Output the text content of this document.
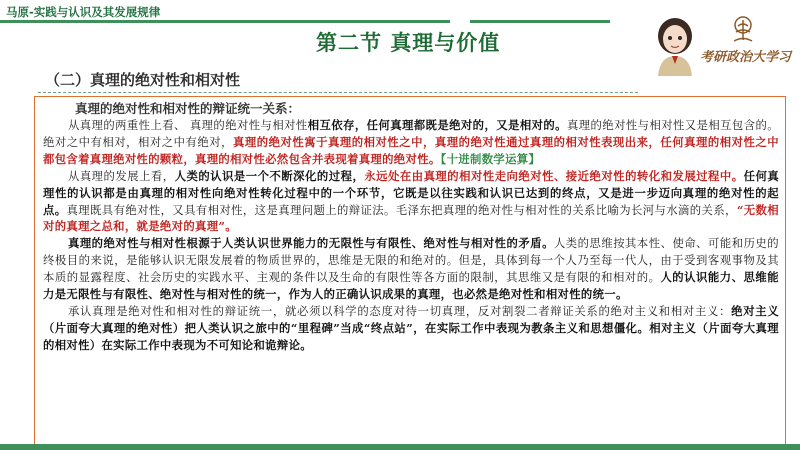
马原-实践与认识及其发展规律
第二节 真理与价值
考研政治大学习
（二）真理的绝对性和相对性
真理的绝对性和相对性的辩证统一关系：

从真理的两重性上看、 真理的绝对性与相对性相互依存，任何真理都既是绝对的，又是相对的。真理的绝对性与相对性又是相互包含的。绝对之中有相对，相对之中有绝对，真理的绝对性寓于真理的相对性之中，真理的绝对性通过真理的相对性表现出来，任何真理的相对性之中都包含着真理绝对性的颗粒，真理的相对性必然包含并表现着真理的绝对性。【十进制数学运算】

从真理的发展上看，人类的认识是一个不断深化的过程，永远处在由真理的相对性走向绝对性、接近绝对性的转化和发展过程中。任何真理性的认识都是由真理的相对性向绝对性转化过程中的一个环节，它既是以往实践和认识已达到的终点，又是进一步迈向真理的绝对性的起点。真理既具有绝对性，又具有相对性，这是真理问题上的辩证法。毛泽东把真理的绝对性与相对性的关系比喻为长河与水滴的关系，“无数相对的真理之总和，就是绝对的真理”。

真理的绝对性与相对性根源于人类认识世界能力的无限性与有限性、绝对性与相对性的矛盾。人类的思维按其本性、使命、可能和历史的终极目的来说，是能够认识无限发展着的物质世界的，思维是无限的和绝对的。但是，具体到每一个人乃至每一代人，由于受到客观事物及其本质的显露程度、社会历史的实践水平、主观的条件以及生命的有限性等各方面的限制，其思维又是有限的和相对的。人的认识能力、思维能力是无限性与有限性、绝对性与相对性的统一，作为人的正确认识成果的真理，也必然是绝对性和相对性的统一。

承认真理是绝对性和相对性的辩证统一，就必须以科学的态度对待一切真理，反对割裂二者辩证关系的绝对主义和相对主义：绝对主义（片面夸大真理的绝对性）把人类认识之旅中的“里程碑”当成“终点站”，在实际工作中表现为教条主义和思想僵化。相对主义（片面夸大真理的相对性）在实际工作中表现为不可知论和诡辩论。
